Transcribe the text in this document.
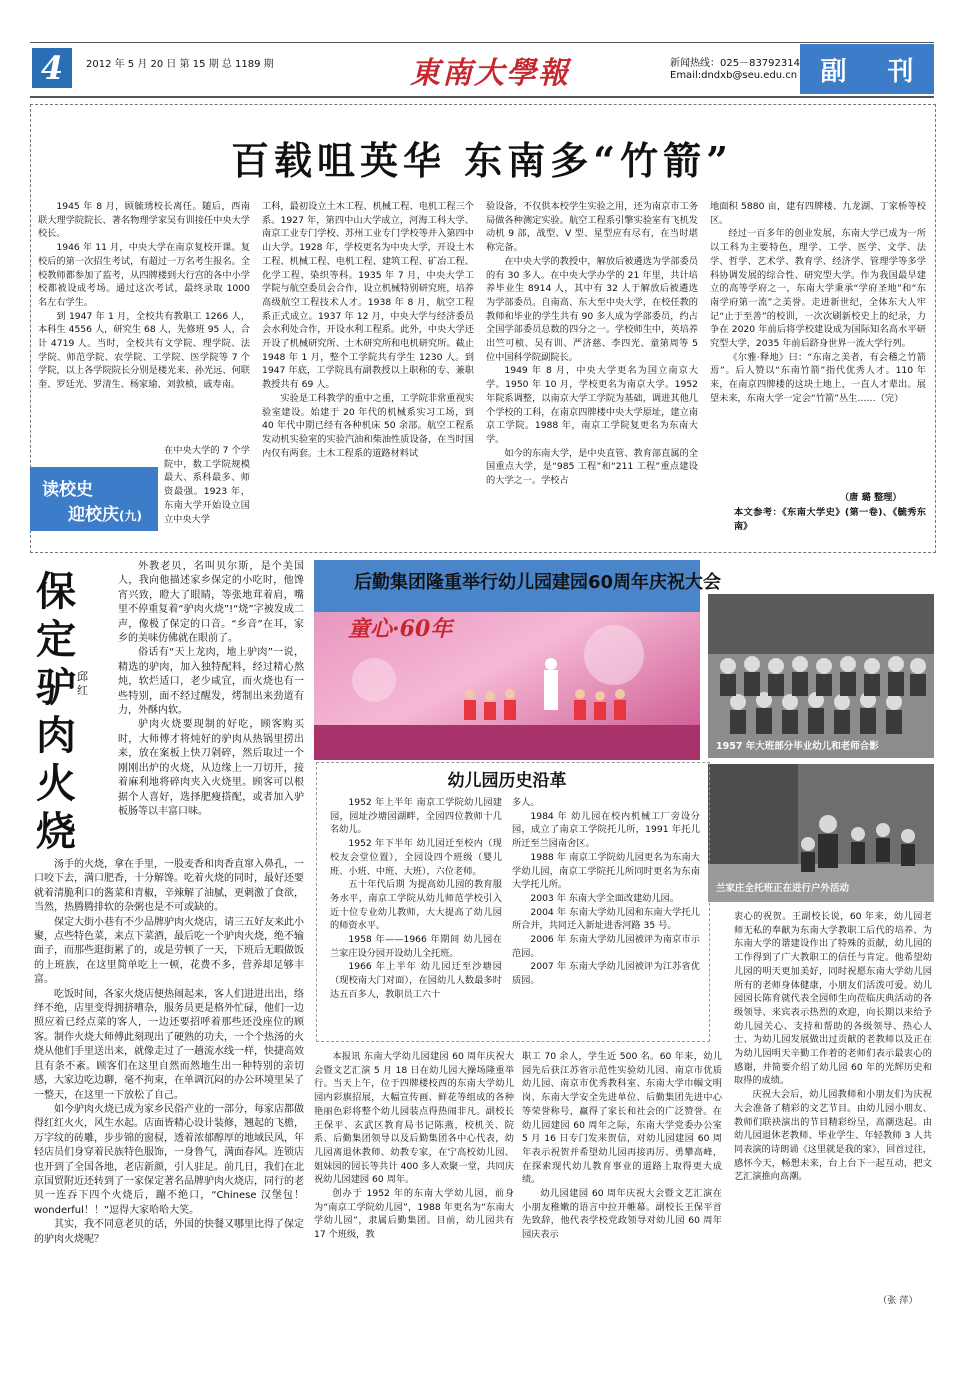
4	2012 年 5 月 20 日 第 15 期 总 1189 期	東南大學報	新闻热线：025－83792314
Email:dndxb@seu.edu.cn 副 刊
百载咀英华 东南多“竹箭”

1945 年 8 月，顾毓琇校长离任。随后，西南联大理学院院长、著名物理学家吴有训接任中央大学校长。

1946 年 11 月，中央大学在南京复校开课。复校后的第一次招生考试，有超过一万名考生报名。全校教师都参加了监考，从四牌楼到大行宫的各中小学校都被设成考场。通过这次考试，最终录取 1000 名左右学生。

到 1947 年 1 月，全校共有教职工 1266 人，本科生 4556 人，研究生 68 人，先修班 95 人，合计 4719 人。当时，全校共有文学院、理学院、法学院、师范学院、农学院、工学院、医学院等 7 个学院，以上各学院院长分别是楼光来、孙光远、何联奎、罗廷光、罗清生、杨家瑜、刘敦桢，戚寿南。

在中央大学的 7 个学院中，数工学院规模最大、系科最多、师资最强。1923 年，东南大学开始设立国立中央大学

读校史
迎校庆(九)

工科，最初设立土木工程、机械工程、电机工程三个系。1927 年，第四中山大学成立，河海工科大学、南京工业专门学校、苏州工业专门学校等并入第四中山大学。1928 年，学校更名为中央大学，开设土木工程、机械工程、电机工程、建筑工程、矿冶工程、化学工程、染织等科。1935 年 7 月，中央大学工学院与航空委员会合作，设立机械特别研究班，培养高级航空工程技术人才。1938 年 8 月，航空工程系正式成立。1937 年 12 月，中央大学与经济委员会水利处合作，开设水利工程系。此外，中央大学还开设了机械研究所、土木研究所和电机研究所。截止 1948 年 1 月，整个工学院共有学生 1230 人。到 1947 年底，工学院具有副教授以上职称的专、兼职教授共有 69 人。

实验是工科教学的重中之重，工学院非常重视实验室建设。始建于 20 年代的机械系实习工场，到 40 年代中期已经有各种机床 50 余部。航空工程系发动机实验室的实验汽油和柴油性质设备，在当时国内仅有两套。土木工程系的道路材料试

验设备，不仅供本校学生实验之用，还为南京市工务局做各种测定实验。航空工程系引擎实验室有飞机发动机 9 部，战型、V 型、星型应有尽有，在当时堪称完备。

在中央大学的教授中，解放后被遴选为学部委员的有 30 多人。在中央大学办学的 21 年里，共计培养毕业生 8914 人，其中有 32 人于解放后被遴选为学部委员。自南高、东大至中央大学，在校任教的教师和毕业的学生共有 90 多人成为学部委员，约占全国学部委员总数的四分之一。学校师生中，英培养出竺可桢、吴有训、严济慈、李四光、童第周等 5 位中国科学院副院长。

1949 年 8 月，中央大学更名为国立南京大学。1950 年 10 月，学校更名为南京大学。1952 年院系调整，以南京大学工学院为基础，调进其他几个学校的工科，在南京四牌楼中央大学原址，建立南京工学院。1988 年，南京工学院复更名为东南大学。

如今的东南大学，是中央直管、教育部直属的全国重点大学，是“985 工程”和“211 工程”重点建设的大学之一。学校占

地面积 5880 亩，建有四牌楼、九龙湖、丁家桥等校区。

经过一百多年的创业发展，东南大学已成为一所以工科为主要特色，理学、工学、医学、文学、法学、哲学、艺术学、教育学、经济学、管理学等多学科协调发展的综合性、研究型大学。作为我国最早建立的高等学府之一，东南大学秉承“学府圣地”和“东南学府第一流”之美誉。走进新世纪，全体东大人牢记“止于至善”的校训，一次次刷新校史上的纪录，力争在 2020 年前后将学校建设成为国际知名高水平研究型大学，2035 年前后跻身世界一流大学行列。

《尔雅·释地》曰：“东南之美者，有会稽之竹箭焉”。后人赞以“东南竹箭”指代优秀人才。110 年来，在南京四牌楼的这块土地上，一直人才辈出。展望未来，东南大学一定会“竹箭”丛生……（完）

（唐 璐 整理）
本文参考：《东南大学史》(第一卷)、《毓秀东南》
保定驴肉火烧
邱红

外教老贝，名叫贝尔斯，是个美国人，我向他描述家乡保定的小吃时，他馋宵兴致，瞪大了眼睛，等张地茸着肩，嘴里不停重复着“驴肉火烧”!“烧”字被发成二声，像极了保定的口音。“乡音”在耳，家乡的美味仿佛就在眼前了。

俗话有“天上龙肉，地上驴肉”一说，精选的驴肉，加入独特配料，经过精心熬炖，软烂适口，老少咸宜，而火烧也有一些特别，面不经过醒发，烤制出来劲道有力，外酥内软。

驴肉火烧要现制的好吃，顾客购买时，大师傅才将炖好的驴肉从热锅里捞出来，放在案板上快刀剁碎，然后取过一个刚刚出炉的火烧，从边缘上一刀切开，接着麻利地将碎肉夹入火烧里。顾客可以根据个人喜好，选择肥瘦搭配，或者加入驴板肠等以丰富口味。

汤手的火烧，拿在手里，一股麦香和肉香直窜入鼻孔，一口咬下去，满口肥香，十分解馋。吃着火烧的同时，最好还要就着清脆利口的酱菜和青椒，辛辣解了油腻，更刺激了食欲，当然，热腾腾排软的杂粥也是不可或缺的。

保定大街小巷有不少品牌驴肉火烧店，请三五好友来此小聚，点些特色菜，来点下菜酒，最后吃一个驴肉火烧，绝不输面子，而那些逛街累了的，或是劳顿了一天，下班后无暇做饭的上班族，在这里简单吃上一顿，花费不多，营养却足够丰富。

吃饭时间，各家火烧店便热闹起来，客人们进进出出，络绎不绝，店里变得拥挤嘈杂，服务员更是格外忙碌，他们一边照应着已经点菜的客人，一边还要招呼着那些还没座位的顾客。制作火烧大师傅此刻现出了硬熟的功夫，一个个热汤的火烧从他们手里送出来，就像走过了一趟流水线一样，快捷高效且有条不紊。顾客们在这里自然而然地生出一种特别的亲切感，大家边吃边聊，毫不拘束，在单调沉闷的办公环境里呆了一整天，在这里一下放松了自己。

如今驴肉火烧已成为家乡民俗产业的一部分，每家店都做得红红火火，风生水起。店面皆精心设计装修，翘起的飞檐，万字纹的砖雕，步步锦的窗棂，透着浓郁醇厚的地域民风，年轻店员们身穿着民族特色服饰，一身鲁气，满面春风。连锁店也开到了全国各地，老店新颜，引人驻足。前几日，我们在北京国贸附近还转到了一家保定著名品牌驴肉火烧店，同行的老贝一连吞下四个火烧后，蹦不绝口，“Chinese 汉堡包！wonderful！！”逗得大家哈哈大笑。

其实，我不同意老贝的话，外国的快餐又哪里比得了保定的驴肉火烧呢？

后勤集团隆重举行幼儿园建园60周年庆祝大会
童心·60年
1957 年大班部分毕业幼儿和老师合影
兰家庄全托班正在进行户外活动
幼儿园历史沿革

1952 年上半年 南京工学院幼儿园建园，园址沙塘园湖畔，全园四位教师十几名幼儿。

1952 年下半年 幼儿园迁至校内（现校友会堂位置），全园设四个班级（婴儿班、小班、中班、大班），六位老师。

五十年代后期 为提高幼儿园的教育服务水平，南京工学院从幼儿师范学校引入近十位专业幼儿教师，大大提高了幼儿园的师资水平。

1958 年——1966 年期间 幼儿园在兰家庄设分园开设幼儿全托班。

1966 年上半年 幼儿园迁至沙塘园（现校南大门对面），在园幼儿人数最多时达五百多人，教职员工六十

多人。

1984 年 幼儿园在校内机械工厂旁设分园，成立了南京工学院托儿所，1991 年托儿所迁至兰园南舍区。

1988 年 南京工学院幼儿园更名为东南大学幼儿园，南京工学院托儿所同时更名为东南大学托儿所。

2003 年 东南大学全面改建幼儿园。

2004 年 东南大学幼儿园和东南大学托儿所合并，共同迁入新址进香河路 35 号。

2006 年 东南大学幼儿园被评为南京市示范园。

2007 年 东南大学幼儿园被评为江苏省优质园。

本报讯 东南大学幼儿园建园 60 周年庆祝大会暨文艺汇演 5 月 18 日在幼儿园大操场隆重举行。当天上午，位于四牌楼校西的东南大学幼儿园内彩旗招展，大幅宣传画、鲜花等组成的各种艳丽色彩将整个幼儿园装点得热闹非凡。副校长王保平、玄武区教育局书记陈燕，校机关、院系、后勤集团领导以及后勤集团各中心代表，幼儿园离退休教师、幼教专家，在宁高校幼儿园、姐妹园的园长等共计 400 多人欢聚一堂，共同庆祝幼儿园建园 60 周年。

创办于 1952 年的东南大学幼儿园，前身为“南京工学院幼儿园”，1988 年更名为“东南大学幼儿园”，隶属后勤集团。目前，幼儿园共有 17 个班级，教

职工 70 余人，学生近 500 名。60 年来，幼儿园先后获江苏省示范性实验幼儿园、南京市优质幼儿园、南京市优秀教科室、东南大学巾帼文明岗、东南大学安全先进单位、后勤集团先进中心等荣誉称号，赢得了家长和社会的广泛赞誉。在幼儿园建园 60 周年之际，东南大学党委办公室 5 月 16 日专门发来贺信，对幼儿园建园 60 周年表示祝贺并希望幼儿园再接再厉、勇攀高峰，在探索现代幼儿教育事业的道路上取得更大成绩。

幼儿园建园 60 周年庆祝大会暨文艺汇演在小朋友稚嫩的语言中拉开帷幕。副校长王保平首先致辞，他代表学校党政领导对幼儿园 60 周年园庆表示

衷心的祝贺。王副校长说，60 年来，幼儿园老师无私的奉献为东南大学教职工后代的培养、为东南大学的谐建设作出了特殊的贡献，幼儿园的工作得到了广大教职工的信任与肯定。他希望幼儿园的明天更加美好，同时祝愿东南大学幼儿园所有的老师身体健康，小朋友们活泼可爱。幼儿园园长陈育就代表全园师生向莅临庆典活动的各级领导、来宾表示热烈的欢迎，向长期以来给予幼儿园关心、支持和帮助的各级领导、热心人士、为幼儿园发展做出过贡献的老教师以及正在为幼儿园明天辛勤工作着的老师们表示最衷心的感谢，并简要介绍了幼儿园 60 年的光辉历史和取得的成绩。

庆祝大会后，幼儿园教师和小朋友们为庆祝大会准备了精彩的文艺节目。由幼儿园小朋友、教师们联袂演出的节目精彩纷呈，高潮迭起。由幼儿园退休老教师、毕业学生、年轻教师 3 人共同表演的诗朗诵《这里就是我的家》，回首过往，感怀今天，畅想未来，台上台下一起互动，把文艺汇演推向高潮。

（张 萍）
